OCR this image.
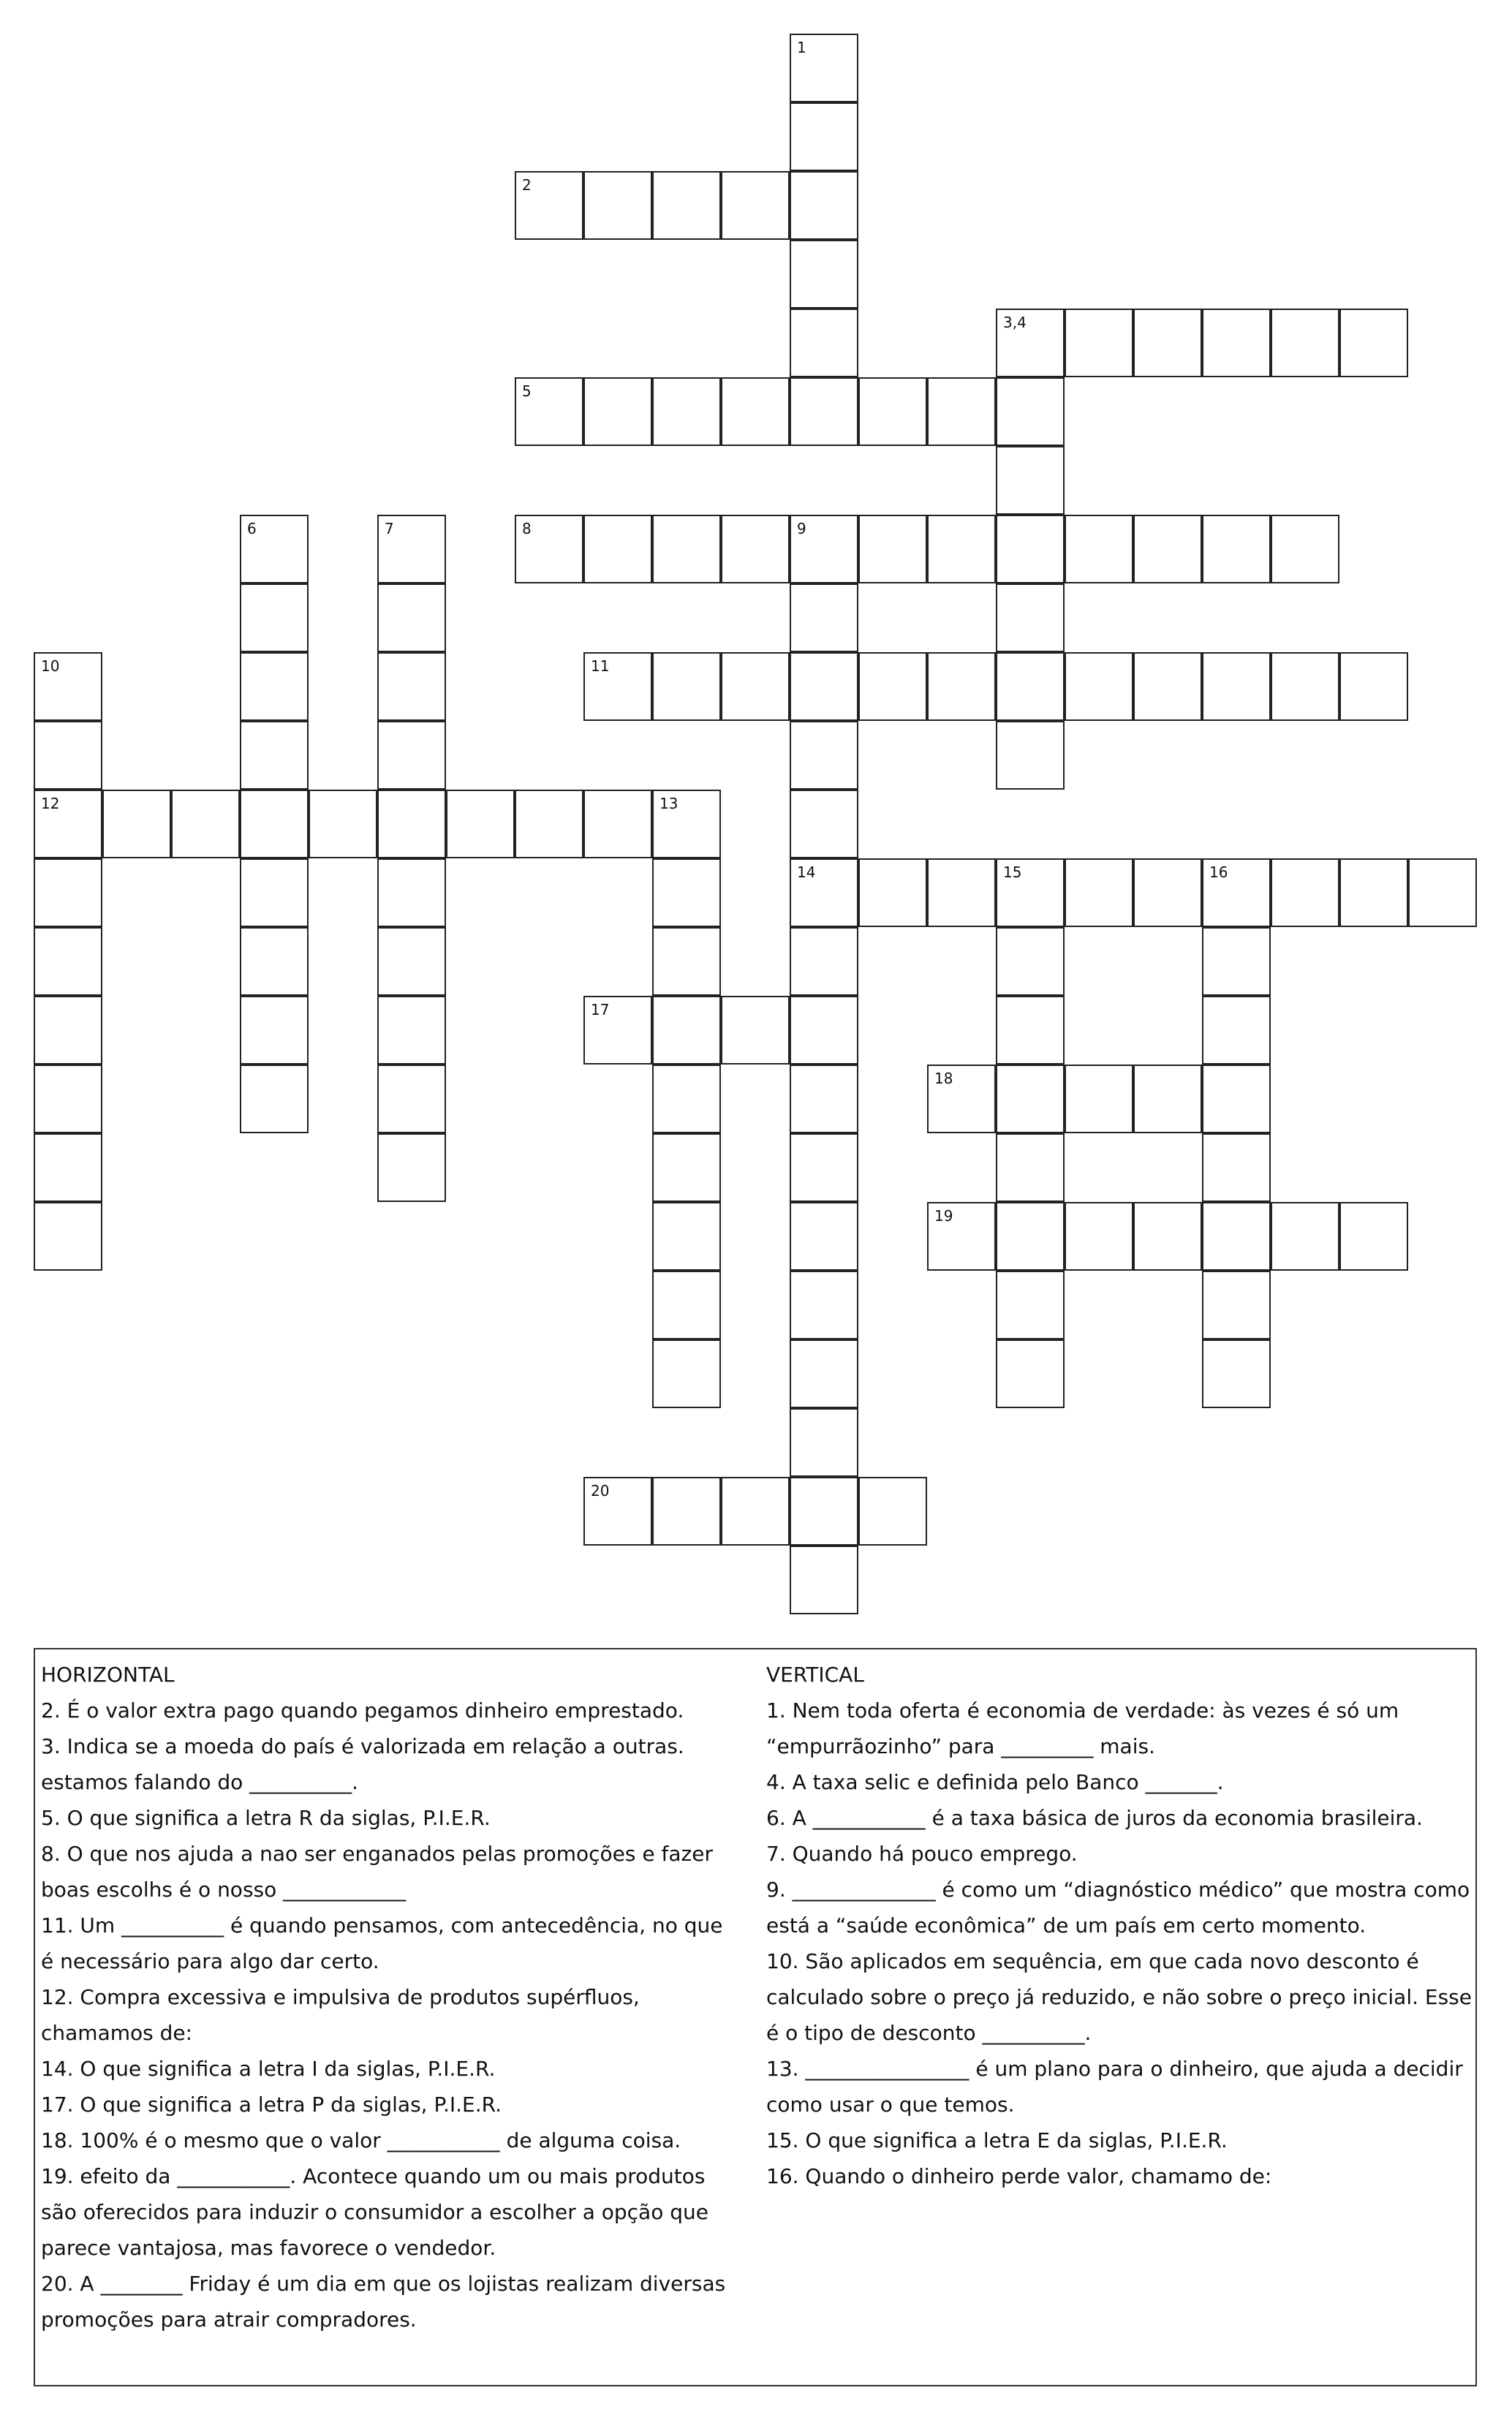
2
3,4
5
8	9
11
12	13
14	15	16
17
18
19
20
1
6	7
10

HORIZONTAL

2. É o valor extra pago quando pegamos dinheiro emprestado.

3. Indica se a moeda do país é valorizada em relação a outras. estamos falando do __________.

5. O que significa a letra R da siglas, P.I.E.R.

8. O que nos ajuda a nao ser enganados pelas promoções e fazer boas escolhs é o nosso ____________

11. Um __________ é quando pensamos, com antecedência, no que é necessário para algo dar certo.

12. Compra excessiva e impulsiva de produtos supérfluos, chamamos de:

14. O que significa a letra I da siglas, P.I.E.R.

17. O que significa a letra P da siglas, P.I.E.R.

18. 100% é o mesmo que o valor ___________ de alguma coisa.

19. efeito da ___________. Acontece quando um ou mais produtos são oferecidos para induzir o consumidor a escolher a opção que parece vantajosa, mas favorece o vendedor.

20. A ________ Friday é um dia em que os lojistas realizam diversas promoções para atrair compradores.

VERTICAL

1. Nem toda oferta é economia de verdade: às vezes é só um “empurrãozinho” para _________ mais.

4. A taxa selic e definida pelo Banco _______.

6. A ___________ é a taxa básica de juros da economia brasileira.

7. Quando há pouco emprego.

9. ______________ é como um “diagnóstico médico” que mostra como está a “saúde econômica” de um país em certo momento.

10. São aplicados em sequência, em que cada novo desconto é calculado sobre o preço já reduzido, e não sobre o preço inicial. Esse é o tipo de desconto __________.

13. ________________ é um plano para o dinheiro, que ajuda a decidir como usar o que temos.

15. O que significa a letra E da siglas, P.I.E.R.

16. Quando o dinheiro perde valor, chamamo de:
